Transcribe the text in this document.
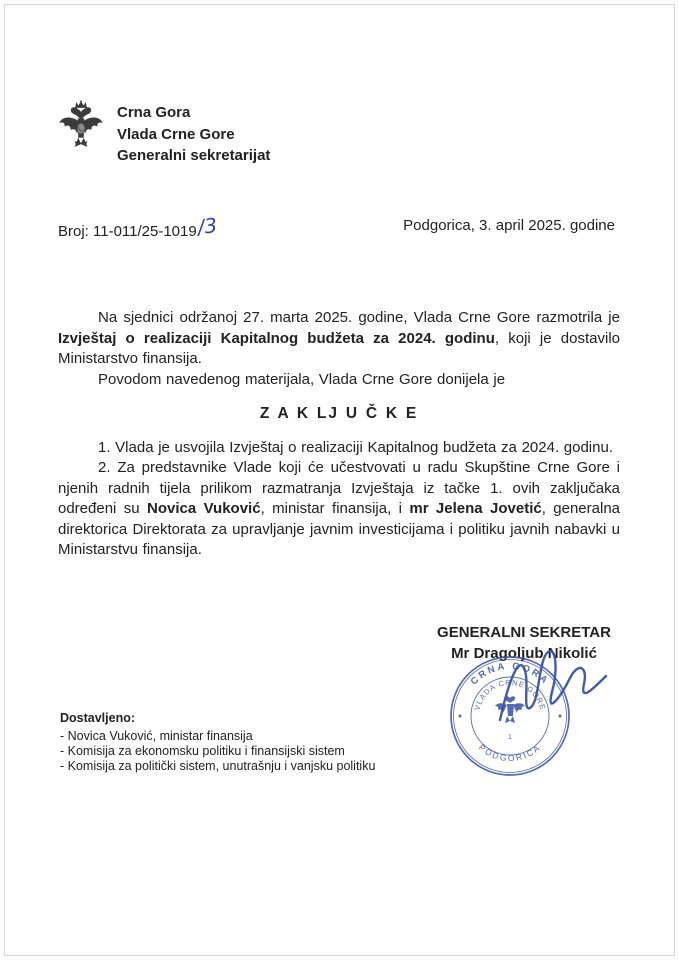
Crna Gora
Vlada Crne Gore
Generalni sekretarijat
Broj: 11-011/25-1019/3	Podgorica, 3. april 2025. godine

Na sjednici održanoj 27. marta 2025. godine, Vlada Crne Gore razmotrila je Izvještaj o realizaciji Kapitalnog budžeta za 2024. godinu, koji je dostavilo Ministarstvo finansija.

Povodom navedenog materijala, Vlada Crne Gore donijela je

Z A K LJ U Č K E

1. Vlada je usvojila Izvještaj o realizaciji Kapitalnog budžeta za 2024. godinu.

2. Za predstavnike Vlade koji će učestvovati u radu Skupštine Crne Gore i njenih radnih tijela prilikom razmatranja Izvještaja iz tačke 1. ovih zaključaka određeni su Novica Vuković, ministar finansija, i mr Jelena Jovetić, generalna direktorica Direktorata za upravljanje javnim investicijama i politiku javnih nabavki u Ministarstvu finansija.

GENERALNI SEKRETAR
Mr Dragoljub Nikolić
CRNA GORA
VLADA CRNE GORE
PODGORICA
1
Dostavljeno:
- Novica Vuković, ministar finansija
- Komisija za ekonomsku politiku i finansijski sistem
- Komisija za politički sistem, unutrašnju i vanjsku politiku
